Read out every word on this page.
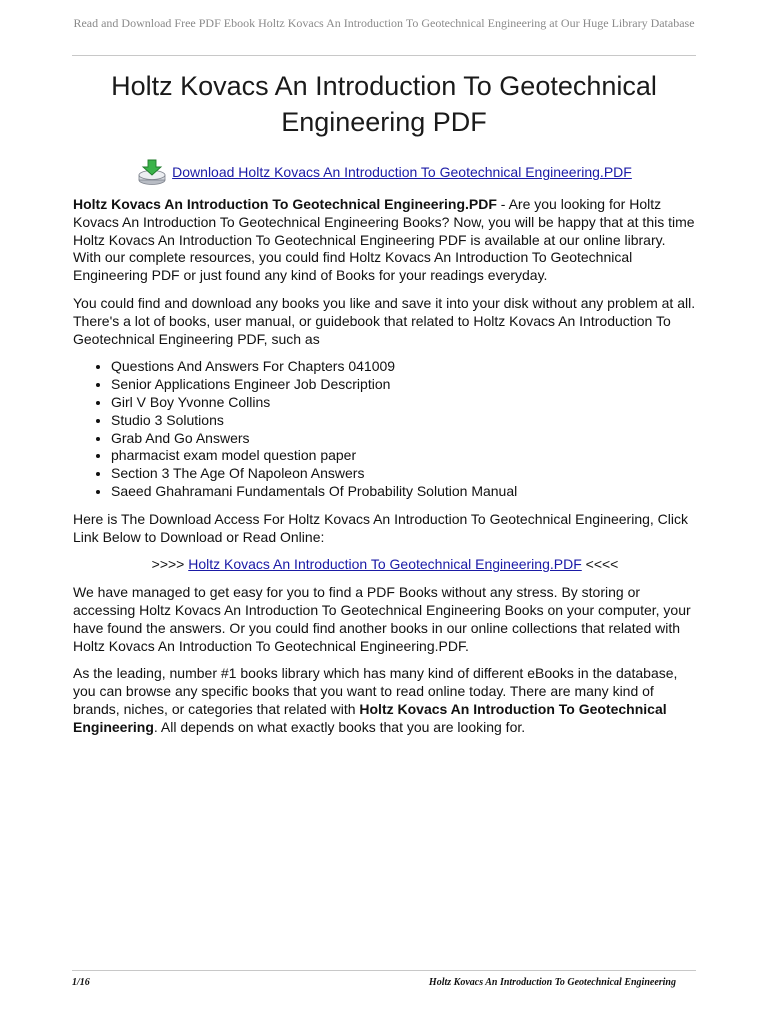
Read and Download Free PDF Ebook Holtz Kovacs An Introduction To Geotechnical Engineering at Our Huge Library Database
Holtz Kovacs An Introduction To Geotechnical Engineering PDF
Download Holtz Kovacs An Introduction To Geotechnical Engineering.PDF

Holtz Kovacs An Introduction To Geotechnical Engineering.PDF - Are you looking for Holtz Kovacs An Introduction To Geotechnical Engineering Books? Now, you will be happy that at this time Holtz Kovacs An Introduction To Geotechnical Engineering PDF is available at our online library. With our complete resources, you could find Holtz Kovacs An Introduction To Geotechnical Engineering PDF or just found any kind of Books for your readings everyday.

You could find and download any books you like and save it into your disk without any problem at all. There's a lot of books, user manual, or guidebook that related to Holtz Kovacs An Introduction To Geotechnical Engineering PDF, such as

• Questions And Answers For Chapters 041009
• Senior Applications Engineer Job Description
• Girl V Boy Yvonne Collins
• Studio 3 Solutions
• Grab And Go Answers
• pharmacist exam model question paper
• Section 3 The Age Of Napoleon Answers
• Saeed Ghahramani Fundamentals Of Probability Solution Manual

Here is The Download Access For Holtz Kovacs An Introduction To Geotechnical Engineering, Click Link Below to Download or Read Online:

>>>> Holtz Kovacs An Introduction To Geotechnical Engineering.PDF <<<<

We have managed to get easy for you to find a PDF Books without any stress. By storing or accessing Holtz Kovacs An Introduction To Geotechnical Engineering Books on your computer, your have found the answers. Or you could find another books in our online collections that related with Holtz Kovacs An Introduction To Geotechnical Engineering.PDF.

As the leading, number #1 books library which has many kind of different eBooks in the database, you can browse any specific books that you want to read online today. There are many kind of brands, niches, or categories that related with Holtz Kovacs An Introduction To Geotechnical Engineering. All depends on what exactly books that you are looking for.

1/16	Holtz Kovacs An Introduction To Geotechnical Engineering
